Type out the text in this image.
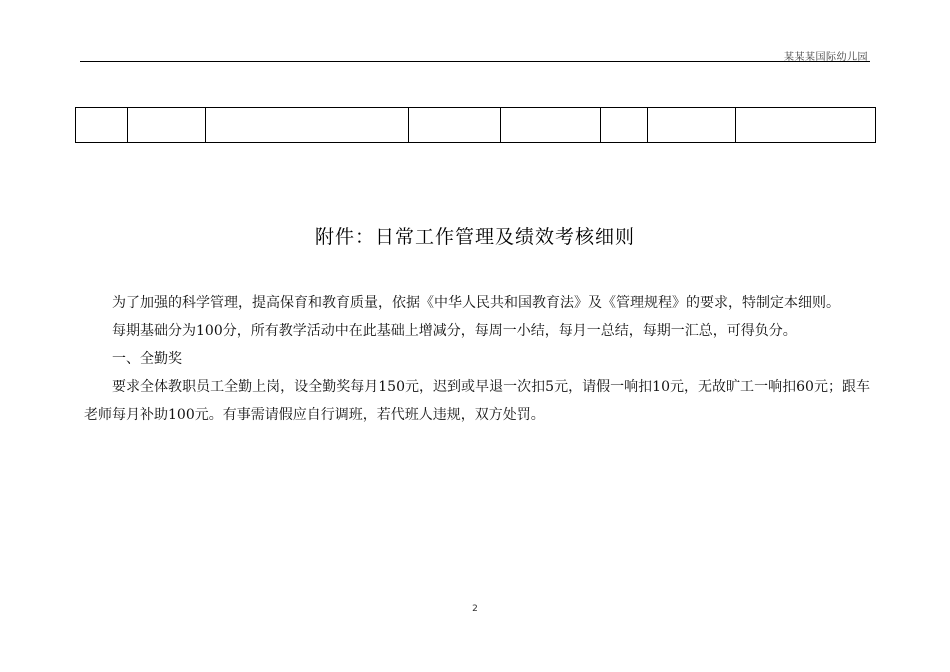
某某某国际幼儿园

附件：日常工作管理及绩效考核细则

为了加强的科学管理，提高保育和教育质量，依据《中华人民共和国教育法》及《管理规程》的要求，特制定本细则。

每期基础分为100分，所有教学活动中在此基础上增减分，每周一小结，每月一总结，每期一汇总，可得负分。

一、全勤奖

要求全体教职员工全勤上岗，设全勤奖每月150元，迟到或早退一次扣5元，请假一响扣10元，无故旷工一响扣60元；跟车老师每月补助100元。有事需请假应自行调班，若代班人违规，双方处罚。

2
